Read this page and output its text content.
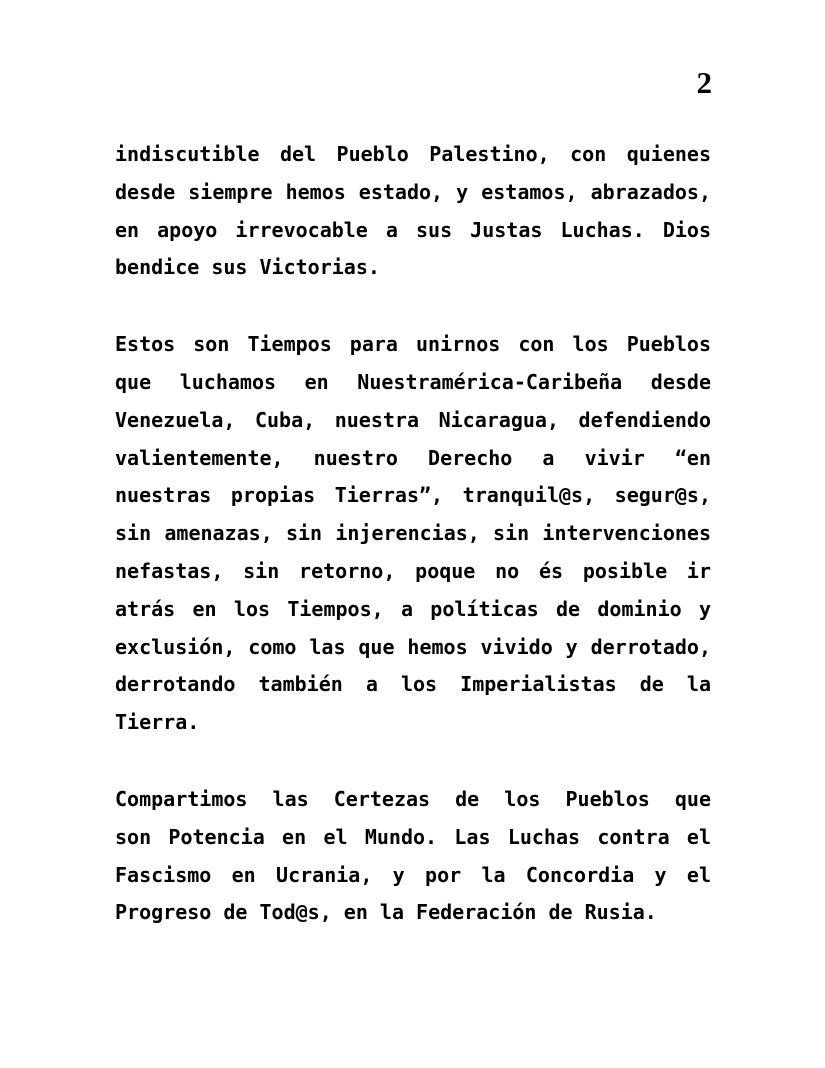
2
indiscutible del Pueblo Palestino, con quienes
desde siempre hemos estado, y estamos, abrazados,
en apoyo irrevocable a sus Justas Luchas. Dios
bendice sus Victorias.
Estos son Tiempos para unirnos con los Pueblos
que luchamos en Nuestramérica-Caribeña desde
Venezuela, Cuba, nuestra Nicaragua, defendiendo
valientemente, nuestro Derecho a vivir “en
nuestras propias Tierras”, tranquil@s, segur@s,
sin amenazas, sin injerencias, sin intervenciones
nefastas, sin retorno, poque no és posible ir
atrás en los Tiempos, a políticas de dominio y
exclusión, como las que hemos vivido y derrotado,
derrotando también a los Imperialistas de la
Tierra.
Compartimos las Certezas de los Pueblos que
son Potencia en el Mundo. Las Luchas contra el
Fascismo en Ucrania, y por la Concordia y el
Progreso de Tod@s, en la Federación de Rusia.
